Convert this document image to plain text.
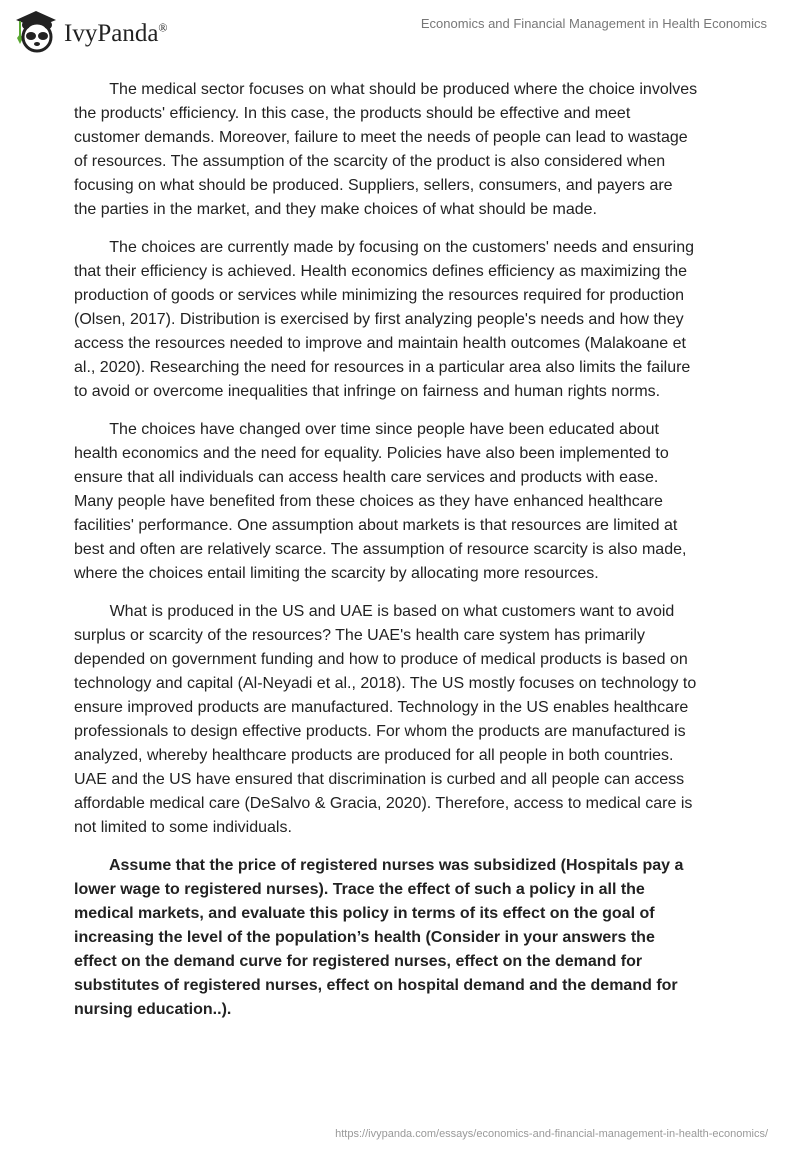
IvyPanda®	Economics and Financial Management in Health Economics
The medical sector focuses on what should be produced where the choice involves
the products' efficiency. In this case, the products should be effective and meet
customer demands. Moreover, failure to meet the needs of people can lead to wastage
of resources. The assumption of the scarcity of the product is also considered when
focusing on what should be produced. Suppliers, sellers, consumers, and payers are
the parties in the market, and they make choices of what should be made.
The choices are currently made by focusing on the customers' needs and ensuring
that their efficiency is achieved. Health economics defines efficiency as maximizing the
production of goods or services while minimizing the resources required for production
(Olsen, 2017). Distribution is exercised by first analyzing people's needs and how they
access the resources needed to improve and maintain health outcomes (Malakoane et
al., 2020). Researching the need for resources in a particular area also limits the failure
to avoid or overcome inequalities that infringe on fairness and human rights norms.
The choices have changed over time since people have been educated about
health economics and the need for equality. Policies have also been implemented to
ensure that all individuals can access health care services and products with ease.
Many people have benefited from these choices as they have enhanced healthcare
facilities' performance. One assumption about markets is that resources are limited at
best and often are relatively scarce. The assumption of resource scarcity is also made,
where the choices entail limiting the scarcity by allocating more resources.
What is produced in the US and UAE is based on what customers want to avoid
surplus or scarcity of the resources? The UAE's health care system has primarily
depended on government funding and how to produce of medical products is based on
technology and capital (Al-Neyadi et al., 2018). The US mostly focuses on technology to
ensure improved products are manufactured. Technology in the US enables healthcare
professionals to design effective products. For whom the products are manufactured is
analyzed, whereby healthcare products are produced for all people in both countries.
UAE and the US have ensured that discrimination is curbed and all people can access
affordable medical care (DeSalvo & Gracia, 2020). Therefore, access to medical care is
not limited to some individuals.
Assume that the price of registered nurses was subsidized (Hospitals pay a
lower wage to registered nurses). Trace the effect of such a policy in all the
medical markets, and evaluate this policy in terms of its effect on the goal of
increasing the level of the population’s health (Consider in your answers the
effect on the demand curve for registered nurses, effect on the demand for
substitutes of registered nurses, effect on hospital demand and the demand for
nursing education..).
https://ivypanda.com/essays/economics-and-financial-management-in-health-economics/
